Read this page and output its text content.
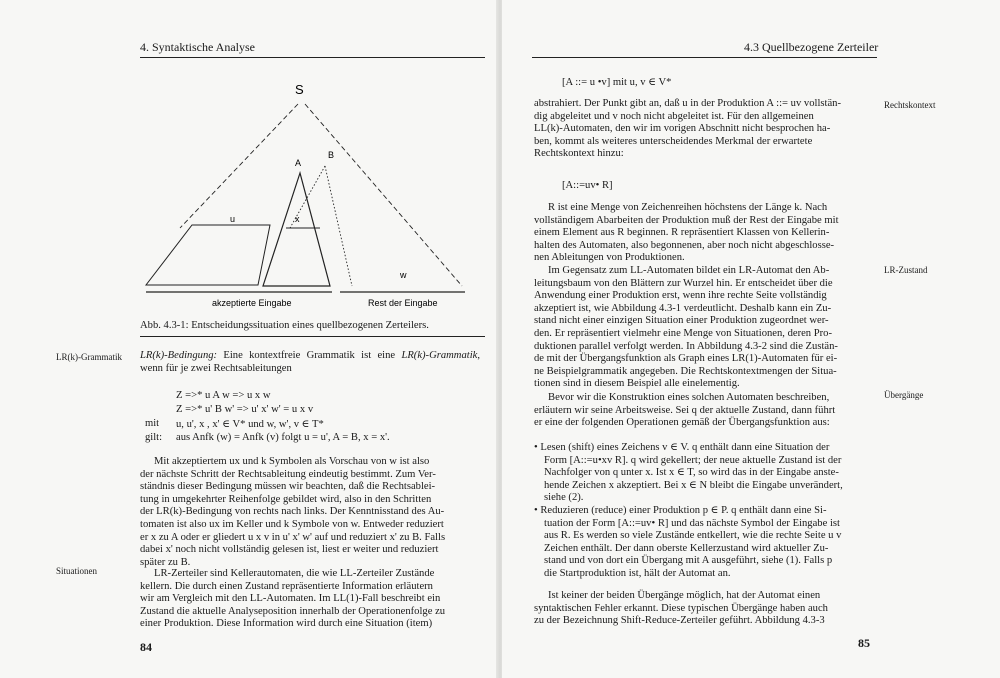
4. Syntaktische Analyse
S
A
B
u	x
w
akzeptierte Eingabe	Rest der Eingabe
Abb. 4.3-1: Entscheidungssituation eines quellbezogenen Zerteilers.
LR(k)-Grammatik LR(k)-Bedingung: Eine kontextfreie Grammatik ist eine LR(k)-Grammatik, wenn für je zwei Rechtsableitungen
Z =>* u A w => u x w
Z =>* u' B w' => u' x' w' = u x v
mit u, u', x , x' ∈ V* und w, w', v ∈ T*
gilt: aus Anfk (w) = Anfk (v) folgt u = u', A = B, x = x'.
Mit akzeptiertem ux und k Symbolen als Vorschau von w ist also
der nächste Schritt der Rechtsableitung eindeutig bestimmt. Zum Ver-
ständnis dieser Bedingung müssen wir beachten, daß die Rechtsablei-
tung in umgekehrter Reihenfolge gebildet wird, also in den Schritten
der LR(k)-Bedingung von rechts nach links. Der Kenntnisstand des Au-
tomaten ist also ux im Keller und k Symbole von w. Entweder reduziert
er x zu A oder er gliedert u x v in u' x' w' auf und reduziert x' zu B. Falls
dabei x' noch nicht vollständig gelesen ist, liest er weiter und reduziert
später zu B.
Situationen	LR-Zerteiler sind Kellerautomaten, die wie LL-Zerteiler Zustände
kellern. Die durch einen Zustand repräsentierte Information erläutern
wir am Vergleich mit den LL-Automaten. Im LL(1)-Fall beschreibt ein
Zustand die aktuelle Analyseposition innerhalb der Operationenfolge zu
einer Produktion. Diese Information wird durch eine Situation (item)
84
4.3 Quellbezogene Zerteiler
[A ::= u •v] mit u, v ∈ V*
Rechtskontext
abstrahiert. Der Punkt gibt an, daß u in der Produktion A ::= uv vollstän-
dig abgeleitet und v noch nicht abgeleitet ist. Für den allgemeinen
LL(k)-Automaten, den wir im vorigen Abschnitt nicht besprochen ha-
ben, kommt als weiteres unterscheidendes Merkmal der erwartete
Rechtskontext hinzu:
[A::=uv• R]
R ist eine Menge von Zeichenreihen höchstens der Länge k. Nach
vollständigem Abarbeiten der Produktion muß der Rest der Eingabe mit
einem Element aus R beginnen. R repräsentiert Klassen von Kellerin-
halten des Automaten, also begonnenen, aber noch nicht abgeschlosse-
nen Ableitungen von Produktionen.
LR-Zustand
Im Gegensatz zum LL-Automaten bildet ein LR-Automat den Ab-
leitungsbaum von den Blättern zur Wurzel hin. Er entscheidet über die
Anwendung einer Produktion erst, wenn ihre rechte Seite vollständig
akzeptiert ist, wie Abbildung 4.3-1 verdeutlicht. Deshalb kann ein Zu-
stand nicht einer einzigen Situation einer Produktion zugeordnet wer-
den. Er repräsentiert vielmehr eine Menge von Situationen, deren Pro-
duktionen parallel verfolgt werden. In Abbildung 4.3-2 sind die Zustän-
de mit der Übergangsfunktion als Graph eines LR(1)-Automaten für ei-
ne Beispielgrammatik angegeben. Die Rechtskontextmengen der Situa-
tionen sind in diesem Beispiel alle einelementig.
Übergänge
Bevor wir die Konstruktion eines solchen Automaten beschreiben,
erläutern wir seine Arbeitsweise. Sei q der aktuelle Zustand, dann führt
er eine der folgenden Operationen gemäß der Übergangsfunktion aus:
• Lesen (shift) eines Zeichens v ∈ V. q enthält dann eine Situation der
Form [A::=u•xv R]. q wird gekellert; der neue aktuelle Zustand ist der
Nachfolger von q unter x. Ist x ∈ T, so wird das in der Eingabe anste-
hende Zeichen x akzeptiert. Bei x ∈ N bleibt die Eingabe unverändert,
siehe (2).
• Reduzieren (reduce) einer Produktion p ∈ P. q enthält dann eine Si-
tuation der Form [A::=uv• R] und das nächste Symbol der Eingabe ist
aus R. Es werden so viele Zustände entkellert, wie die rechte Seite u v
Zeichen enthält. Der dann oberste Kellerzustand wird aktueller Zu-
stand und von dort ein Übergang mit A ausgeführt, siehe (1). Falls p
die Startproduktion ist, hält der Automat an.
Ist keiner der beiden Übergänge möglich, hat der Automat einen
syntaktischen Fehler erkannt. Diese typischen Übergänge haben auch
zu der Bezeichnung Shift-Reduce-Zerteiler geführt. Abbildung 4.3-3
85
